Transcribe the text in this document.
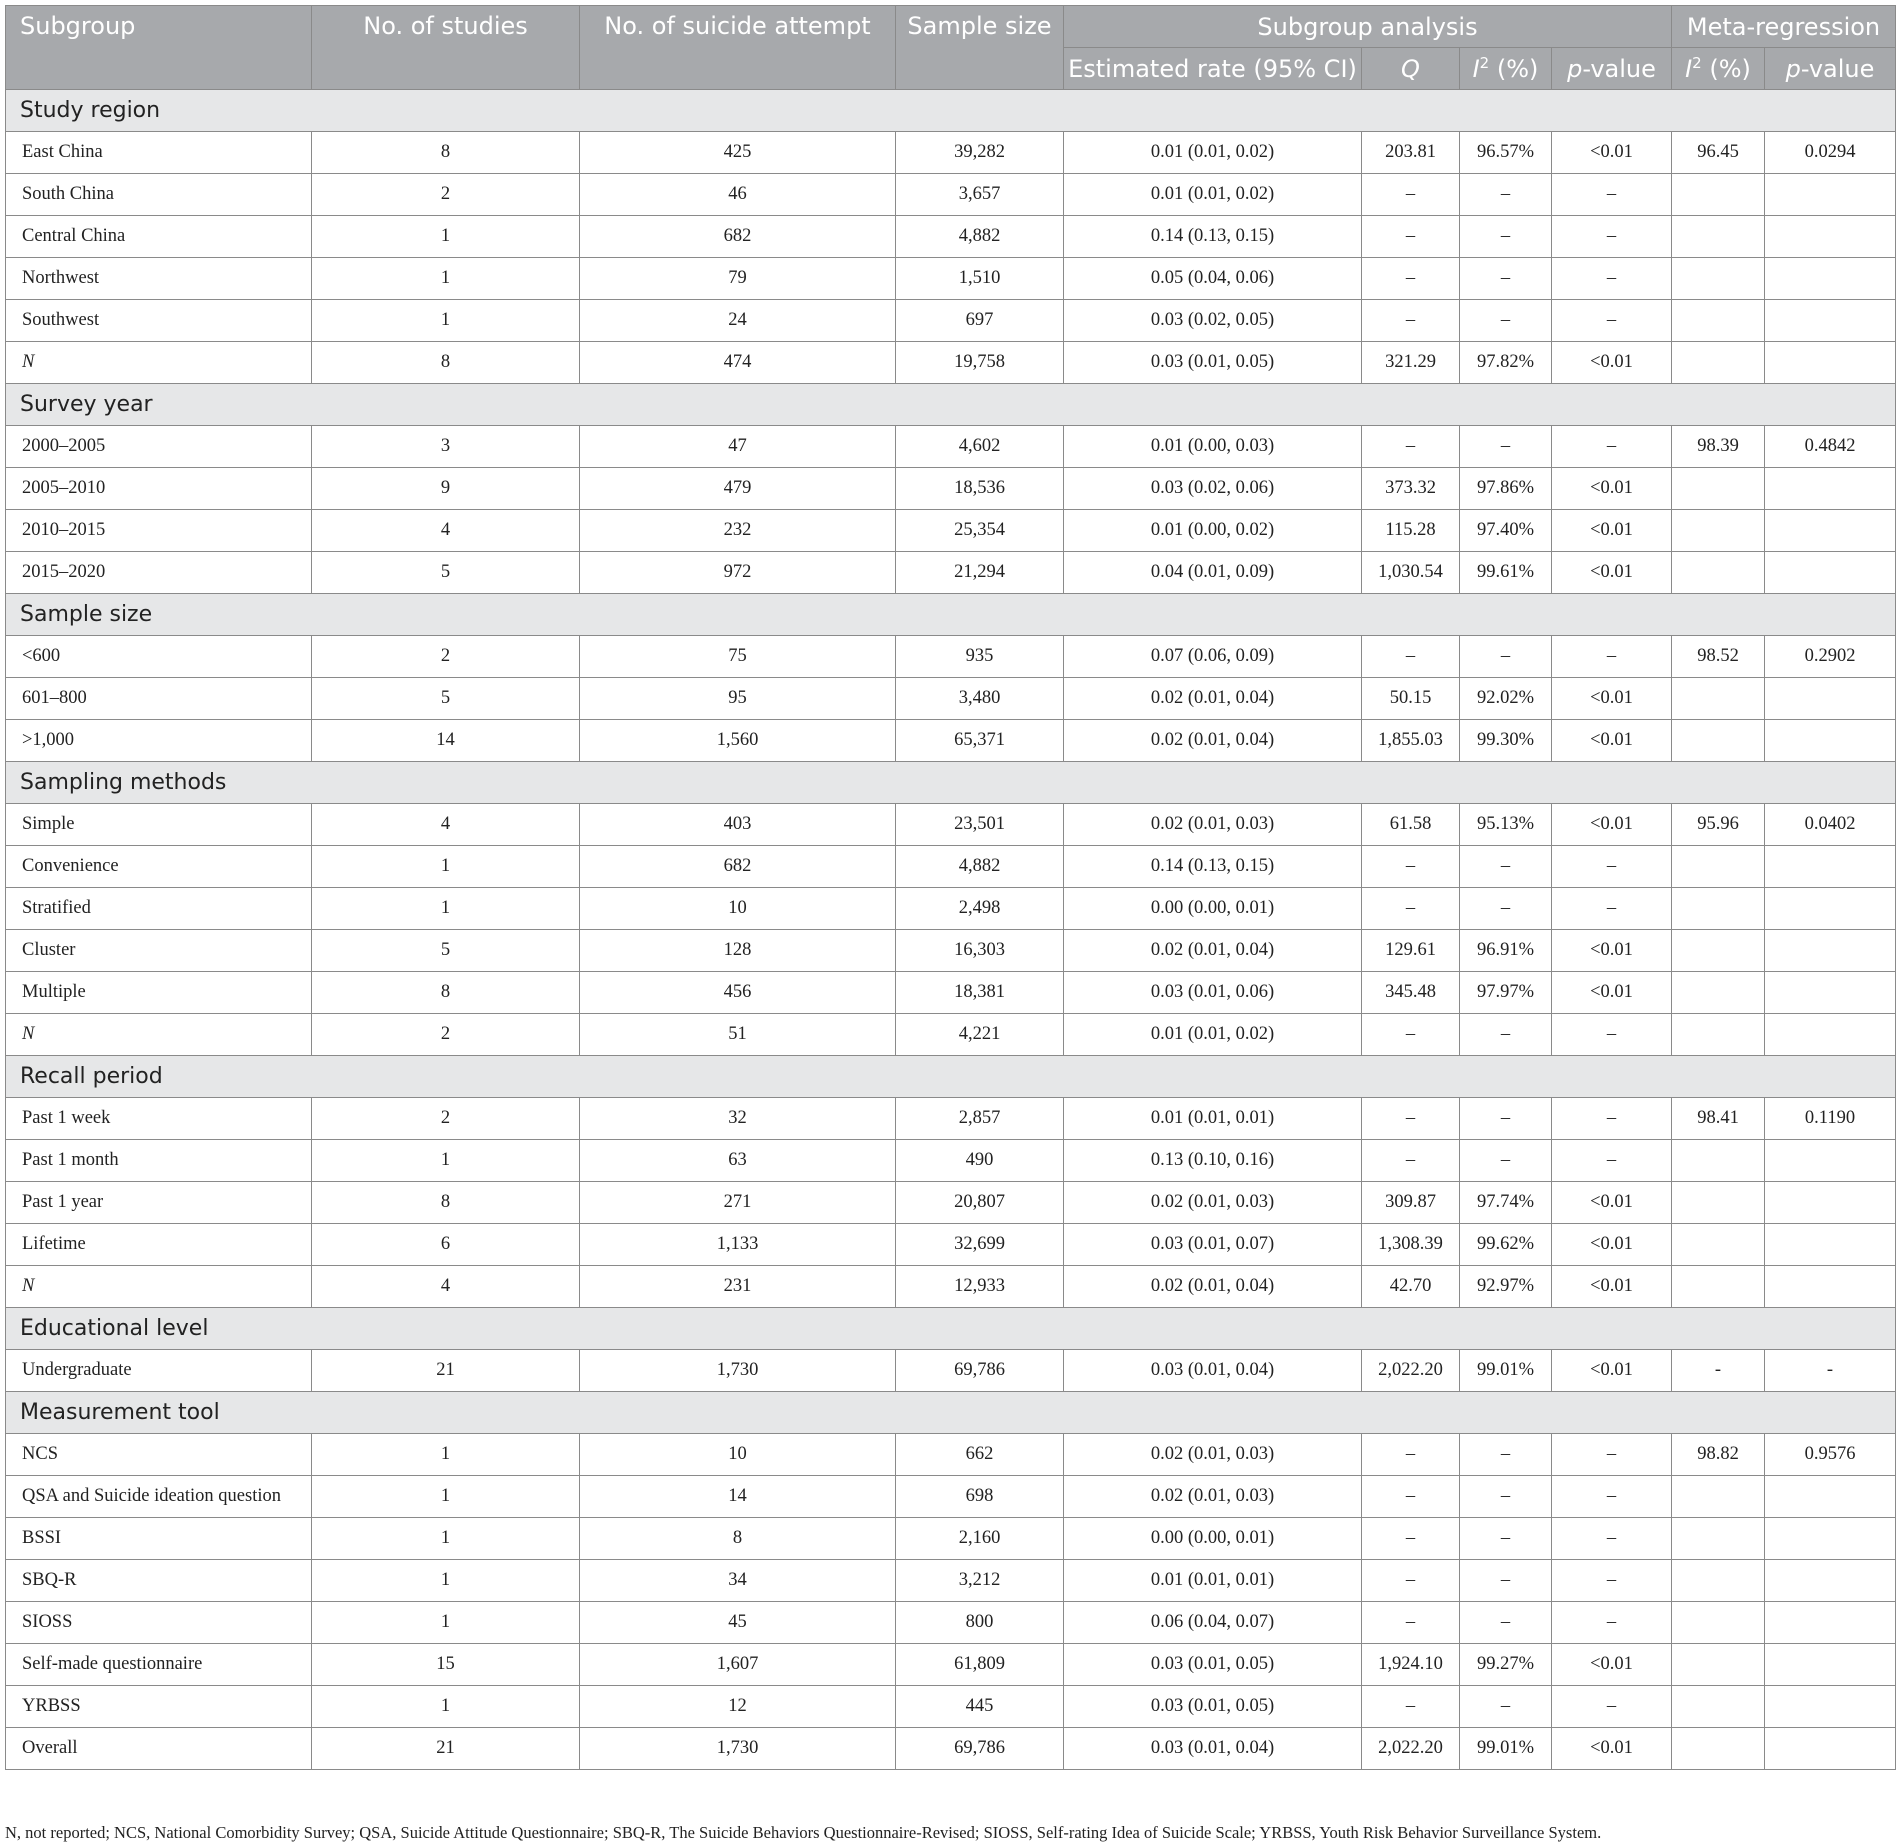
Subgroup	No. of studies	No. of suicide attempt	Sample size	Subgroup analysis				Meta-regression	
				Estimated rate (95% CI)	Q	$I^2$ (%)	p-value	$I^2$ (%)	p-value
Study region									
East China	8	425	39,282	0.01 (0.01, 0.02)	203.81	96.57%	<0.01	96.45	0.0294
South China	2	46	3,657	0.01 (0.01, 0.02)	–	–	–		
Central China	1	682	4,882	0.14 (0.13, 0.15)	–	–	–		
Northwest	1	79	1,510	0.05 (0.04, 0.06)	–	–	–		
Southwest	1	24	697	0.03 (0.02, 0.05)	–	–	–		
N	8	474	19,758	0.03 (0.01, 0.05)	321.29	97.82%	<0.01		
Survey year									
2000–2005	3	47	4,602	0.01 (0.00, 0.03)	–	–	–	98.39	0.4842
2005–2010	9	479	18,536	0.03 (0.02, 0.06)	373.32	97.86%	<0.01		
2010–2015	4	232	25,354	0.01 (0.00, 0.02)	115.28	97.40%	<0.01		
2015–2020	5	972	21,294	0.04 (0.01, 0.09)	1,030.54	99.61%	<0.01		
Sample size									
<600	2	75	935	0.07 (0.06, 0.09)	–	–	–	98.52	0.2902
601–800	5	95	3,480	0.02 (0.01, 0.04)	50.15	92.02%	<0.01		
>1,000	14	1,560	65,371	0.02 (0.01, 0.04)	1,855.03	99.30%	<0.01		
Sampling methods									
Simple	4	403	23,501	0.02 (0.01, 0.03)	61.58	95.13%	<0.01	95.96	0.0402
Convenience	1	682	4,882	0.14 (0.13, 0.15)	–	–	–		
Stratified	1	10	2,498	0.00 (0.00, 0.01)	–	–	–		
Cluster	5	128	16,303	0.02 (0.01, 0.04)	129.61	96.91%	<0.01		
Multiple	8	456	18,381	0.03 (0.01, 0.06)	345.48	97.97%	<0.01		
N	2	51	4,221	0.01 (0.01, 0.02)	–	–	–		
Recall period									
Past 1 week	2	32	2,857	0.01 (0.01, 0.01)	–	–	–	98.41	0.1190
Past 1 month	1	63	490	0.13 (0.10, 0.16)	–	–	–		
Past 1 year	8	271	20,807	0.02 (0.01, 0.03)	309.87	97.74%	<0.01		
Lifetime	6	1,133	32,699	0.03 (0.01, 0.07)	1,308.39	99.62%	<0.01		
N	4	231	12,933	0.02 (0.01, 0.04)	42.70	92.97%	<0.01		
Educational level									
Undergraduate	21	1,730	69,786	0.03 (0.01, 0.04)	2,022.20	99.01%	<0.01	-	-
Measurement tool									
NCS	1	10	662	0.02 (0.01, 0.03)	–	–	–	98.82	0.9576
QSA and Suicide ideation question	1	14	698	0.02 (0.01, 0.03)	–	–	–		
BSSI	1	8	2,160	0.00 (0.00, 0.01)	–	–	–		
SBQ-R	1	34	3,212	0.01 (0.01, 0.01)	–	–	–		
SIOSS	1	45	800	0.06 (0.04, 0.07)	–	–	–		
Self-made questionnaire	15	1,607	61,809	0.03 (0.01, 0.05)	1,924.10	99.27%	<0.01		
YRBSS	1	12	445	0.03 (0.01, 0.05)	–	–	–		
Overall	21	1,730	69,786	0.03 (0.01, 0.04)	2,022.20	99.01%	<0.01		
N, not reported; NCS, National Comorbidity Survey; QSA, Suicide Attitude Questionnaire; SBQ-R, The Suicide Behaviors Questionnaire-Revised; SIOSS, Self-rating Idea of Suicide Scale; YRBSS, Youth Risk Behavior Surveillance System.
